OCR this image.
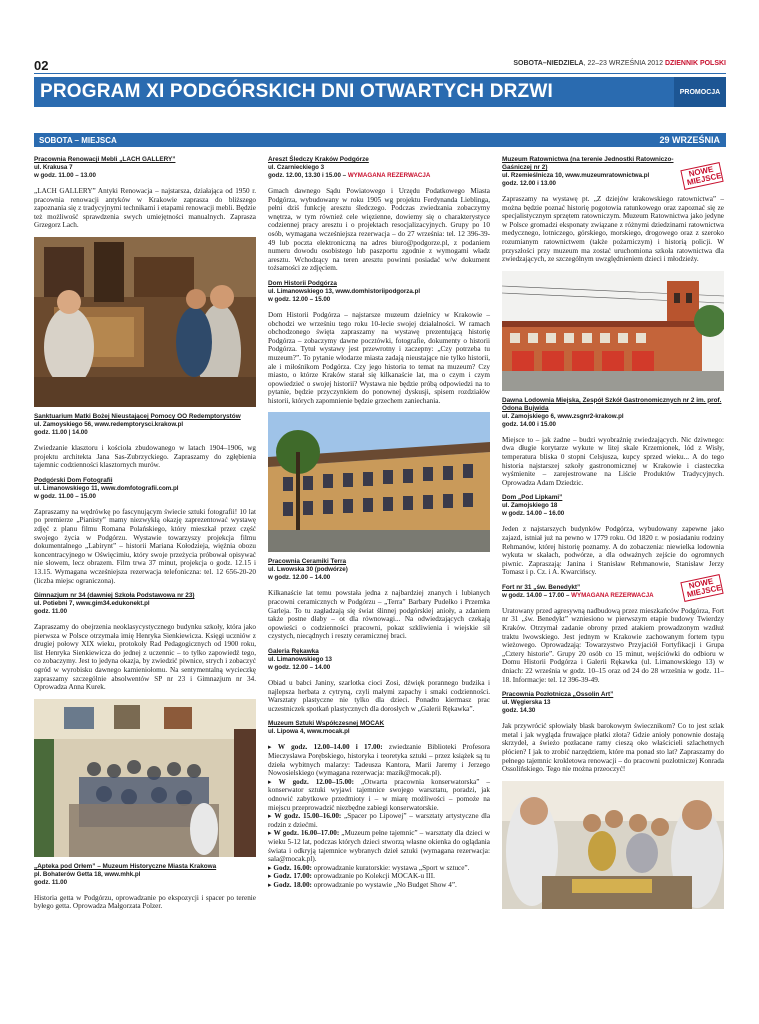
02	SOBOTA–NIEDZIELA, 22–23 WRZEŚNIA 2012 DZIENNIK POLSKI
PROGRAM XI PODGÓRSKICH DNI OTWARTYCH DRZWI	PROMOCJA
SOBOTA – MIEJSCA	29 WRZEŚNIA
Pracownia Renowacji Mebli „LACH GALLERY”
ul. Krakusa 7
w godz. 11.00 – 13.00
„LACH GALLERY” Antyki Renowacja – najstarsza, działająca od 1950 r. pracownia renowacji antyków w Krakowie zaprasza do bliższego zapoznania się z tradycyjnymi technikami i etapami renowacji mebli. Będzie też możliwość sprawdzenia swych umiejętności manualnych. Zaprasza Grzegorz Lach.
Sanktuarium Matki Bożej Nieustającej Pomocy OO Redemptorystów
ul. Zamoyskiego 56, www.redemptorysci.krakow.pl
godz. 11.00 | 14.00
Zwiedzanie klasztoru i kościoła zbudowanego w latach 1904–1906, wg projektu architekta Jana Sas-Zubrzyckiego. Zapraszamy do zgłębienia tajemnic codzienności klasztornych murów.
Podgórski Dom Fotografii
ul. Limanowskiego 11, www.domfotografii.com.pl
w godz. 11.00 – 15.00
Zapraszamy na wędrówkę po fascynującym świecie sztuki fotografii! 10 lat po premierze „Pianisty” mamy niezwykłą okazję zaprezentować wystawę zdjęć z planu filmu Romana Polańskiego, który mieszkał przez część swojego życia w Podgórzu. Wystawie towarzyszy projekcja filmu dokumentalnego „Labirynt” – historii Mariana Kołodzieja, więźnia obozu koncentracyjnego w Oświęcimiu, który swoje przeżycia próbował opisywać nie słowem, lecz obrazem. Film trwa 37 minut, projekcja o godz. 12.15 i 13.15. Wymagana wcześniejsza rezerwacja telefoniczna: tel. 12 656-20-20 (liczba miejsc ograniczona).
Gimnazjum nr 34 (dawniej Szkoła Podstawowa nr 23)
ul. Potiebni 7, www.gim34.edukonekt.pl
godz. 11.00
Zapraszamy do obejrzenia neoklasycystycznego budynku szkoły, która jako pierwsza w Polsce otrzymała imię Henryka Sienkiewicza. Księgi uczniów z drugiej połowy XIX wieku, protokoły Rad Pedagogicznych od 1900 roku, list Henryka Sienkiewicza do jednej z uczennic – to tylko zapowiedź tego, co zobaczymy. Jest to jedyna okazja, by zwiedzić piwnice, strych i zobaczyć ogród w wyrobisku dawnego kamieniołomu. Na sentymentalną wycieczkę zapraszamy szczególnie absolwentów SP nr 23 i Gimnazjum nr 34. Oprowadza Anna Kurek.
„Apteka pod Orłem” – Muzeum Historyczne Miasta Krakowa
pl. Bohaterów Getta 18, www.mhk.pl
godz. 11.00
Historia getta w Podgórzu, oprowadzanie po ekspozycji i spacer po terenie byłego getta. Oprowadza Małgorzata Polzer.
Areszt Śledczy Kraków Podgórze
ul. Czarnieckiego 3
godz. 12.00, 13.30 i 15.00 – WYMAGANA REZERWACJA
Gmach dawnego Sądu Powiatowego i Urzędu Podatkowego Miasta Podgórza, wybudowany w roku 1905 wg projektu Ferdynanda Lieblinga, pełni dziś funkcję aresztu śledczego. Podczas zwiedzania zobaczymy wnętrza, w tym również cele więzienne, dowiemy się o charakterystyce codziennej pracy aresztu i o projektach resocjalizacyjnych. Grupy po 10 osób, wymagana wcześniejsza rezerwacja – do 27 września: tel. 12 396-39-49 lub poczta elektroniczną na adres biuro@podgorze.pl, z podaniem numeru dowodu osobistego lub paszportu zgodnie z wymogami władz aresztu. Wchodzący na teren aresztu powinni posiadać w/w dokument tożsamości ze zdjęciem.
Dom Historii Podgórza
ul. Limanowskiego 13, www.domhistoriipodgorza.pl
w godz. 12.00 – 15.00
Dom Historii Podgórza – najstarsze muzeum dzielnicy w Krakowie – obchodzi we wrześniu tego roku 10-lecie swojej działalności. W ramach obchodzonego święta zapraszamy na wystawę prezentującą historię Podgórza – zobaczymy dawne pocztówki, fotografie, dokumenty o historii Podgórza. Tytuł wystawy jest przewrotny i zaczepny: „Czy potrzeba tu muzeum?”. To pytanie włodarze miasta zadają nieustające nie tylko historii, ale i miłośnikom Podgórza. Czy jego historia to temat na muzeum? Czy miasto, o którze Kraków starał się kilkanaście lat, ma o czym i czym opowiedzieć o swojej historii? Wystawa nie będzie próbą odpowiedzi na to pytanie, będzie przyczynkiem do ponownej dyskusji, spisem rozdziałów historii, których zapomnienie będzie grzechem zaniechania.
Pracownia Ceramiki Terra
ul. Lwowska 30 (podwórze)
w godz. 12.00 – 14.00
Kilkanaście lat temu powstała jedna z najbardziej znanych i lubianych pracowni ceramicznych w Podgórzu – „Terra” Barbary Pudełko i Przemka Garleja. To tu zagładzają się świat ślinnej podgórskiej anioły, a zdaniem także postne dłaby – ot dla równowagi... Na odwiedzających czekają opowieści o codzienności pracowni, pokaz szkliwienia i wiejskie sił czystych, niecądnych i reszty ceramicznej braci.
Galeria Rękawka
ul. Limanowskiego 13
w godz. 12.00 – 14.00
Obiad u babci Janiny, szarlotka cioci Zosi, dźwięk porannego budzika i najlepsza herbata z cytryną, czyli małymi zapachy i smaki codzienności. Warsztaty plastyczne nie tylko dla dzieci. Ponadto kiermasz prac uczestniczek spotkań plastycznych dla dorosłych w „Galerii Rękawka”.
Muzeum Sztuki Współczesnej MOCAK
ul. Lipowa 4, www.mocak.pl
▸ W godz. 12.00–14.00 i 17.00: zwiedzanie Biblioteki Profesora Mieczysława Porębskiego, historyka i teoretyka sztuki – przez książek są tu dzieła wybitnych malarzy: Tadeusza Kantora, Marii Jaremy i Jerzego Nowosielskiego (wymagana rezerwacja: mazik@mocak.pl).
▸ W godz. 12.00–15.00: „Otwarta pracownia konserwatorska” – konserwator sztuki wyjawi tajemnice swojego warsztatu, poradzi, jak odnowić zabytkowe przedmioty i – w miarę możliwości – pomoże na miejscu przeprowadzić niezbędne zabiegi konserwatorskie.
▸ W godz. 15.00–16.00: „Spacer po Lipowej” – warsztaty artystyczne dla rodzin z dziećmi.
▸ W godz. 16.00–17.00: „Muzeum pełne tajemnic” – warsztaty dla dzieci w wieku 5-12 lat, podczas których dzieci stworzą własne okienka do oglądania świata i odkryją tajemnice wybranych dzieł sztuki (wymagana rezerwacja: sala@mocak.pl).
▸ Godz. 16.00: oprowadzanie kuratorskie: wystawa „Sport w sztuce”.
▸ Godz. 17.00: oprowadzanie po Kolekcji MOCAK-u III.
▸ Godz. 18.00: oprowadzanie po wystawie „No Budget Show 4”.
Muzeum Ratownictwa (na terenie Jednostki Ratowniczo-Gaśniczej nr 2)
ul. Rzemieślnicza 10, www.muzeumratownictwa.pl
godz. 12.00 i 13.00
NOWE MIEJSCE
Zapraszamy na wystawę pt. „Z dziejów krakowskiego ratownictwa” – można będzie poznać historię pogotowia ratunkowego oraz zapoznać się ze specjalistycznym sprzętem ratowniczym. Muzeum Ratownictwa jako jedyne w Polsce gromadzi eksponaty związane z różnymi dziedzinami ratownictwa medycznego, lotniczego, górskiego, morskiego, drogowego oraz z szeroko rozumianym ratownictwem (także pożarniczym) i historią policji. W przyszłości przy muzeum ma zostać uruchomiona szkoła ratownictwa dla zwiedzających, ze szczególnym uwzględnieniem dzieci i młodzieży.
Dawna Lodownia Miejska, Zespół Szkół Gastronomicznych nr 2 im. prof. Odona Bujwida
ul. Zamojskiego 6, www.zsgnr2-krakow.pl
godz. 14.00 i 15.00
Miejsce to – jak żadne – budzi wyobraźnię zwiedzających. Nic dziwnego: dwa długie korytarze wykute w litej skale Krzemionek, lód z Wisły, temperatura bliska 0 stopni Celsjusza, kupcy sprzed wieku... A do tego historia najstarszej szkoły gastronomicznej w Krakowie i ciasteczka wyśmienite – zarejestrowane na Liście Produktów Tradycyjnych. Oprowadza Adam Dziedzic.
Dom „Pod Lipkami”
ul. Zamojskiego 18
w godz. 14.00 – 16.00
Jeden z najstarszych budynków Podgórza, wybudowany zapewne jako zajazd, istniał już na pewno w 1779 roku. Od 1820 r. w posiadaniu rodziny Rehmanów, której historię poznamy. A do zobaczenia: niewielka lodownia wykuta w skałach, podwórze, a dla odważnych zejście do ogromnych piwnic. Zapraszają: Janina i Stanisław Rehmanowie, Stanisław Jerzy Tomasz i p. Cz. i A. Kwarcińscy.
Fort nr 31 „św. Benedykt”
w godz. 14.00 – 17.00 – WYMAGANA REZERWACJA
NOWE MIEJSCE
Uratowany przed agresywną nadbudową przez mieszkańców Podgórza, Fort nr 31 „św. Benedykt” wzniesiono w pierwszym etapie budowy Twierdzy Kraków. Otrzymał zadanie obrony przed atakiem prowadzonym wzdłuż traktu lwowskiego. Jest jednym w Krakowie zachowanym fortem typu wieżowego. Oprowadzają: Towarzystwo Przyjaciół Fortyfikacji i Grupa „Cztery historie”. Grupy 20 osób co 15 minut, wejściówki do odbioru w Domu Historii Podgórza i Galerii Rękawka (ul. Limanowskiego 13) w dniach: 22 września w godz. 10–15 oraz od 24 do 28 września w godz. 11–18. Informacje: tel. 12 396-39-49.
Pracownia Pozłotnicza „Ossolin Art”
ul. Węgierska 13
godz. 14.30
Jak przywrócić spłowiały blask barokowym świecznikom? Co to jest szlak metal i jak wygląda fruwające płatki złota? Gdzie anioły ponownie dostają skrzydeł, a świeżo pozłacane ramy cieszą oko właścicieli szlachetnych płócien? I jak to zrobić narzędziem, które ma ponad sto lat? Zapraszamy do pełnego tajemnic krokletowa renowacji – do pracowni pozłotniczej Konrada Ossolińskiego. Tego nie można przeoczyć!
